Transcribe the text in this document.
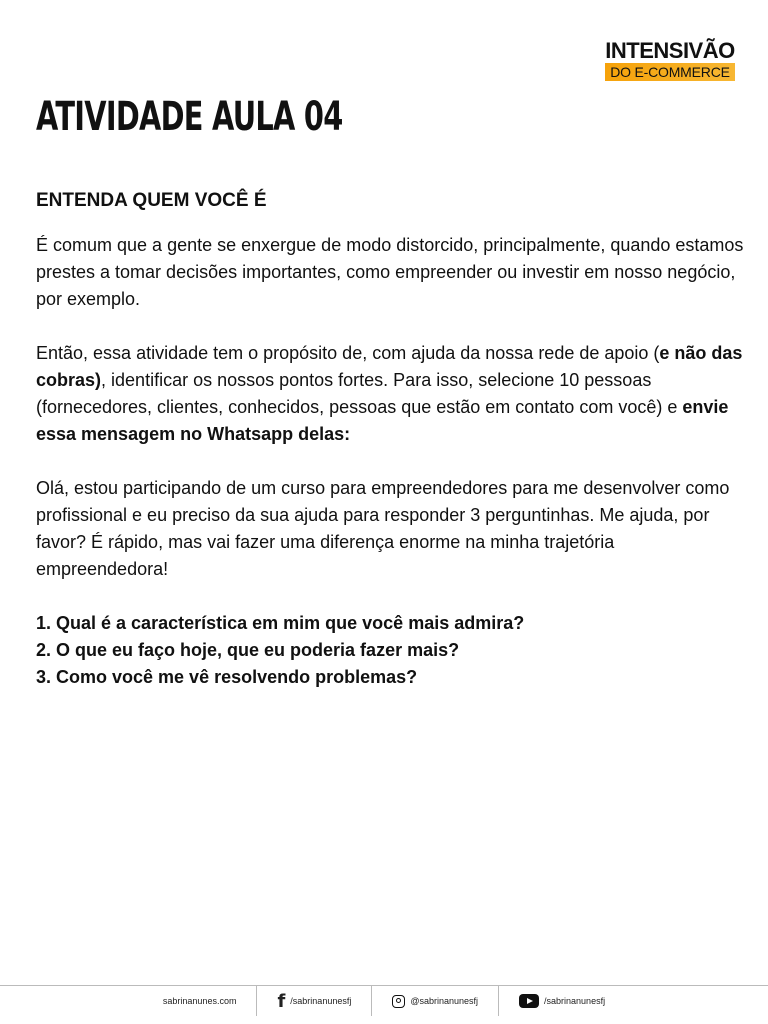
INTENSIVÃO
DO E-COMMERCE
ATIVIDADE AULA 04
ENTENDA QUEM VOCÊ É

É comum que a gente se enxergue de modo distorcido, principalmente, quando estamos prestes a tomar decisões importantes, como empreender ou investir em nosso negócio, por exemplo.

Então, essa atividade tem o propósito de, com ajuda da nossa rede de apoio (e não das cobras), identificar os nossos pontos fortes. Para isso, selecione 10 pessoas (fornecedores, clientes, conhecidos, pessoas que estão em contato com você) e envie essa mensagem no Whatsapp delas:

Olá, estou participando de um curso para empreendedores para me desenvolver como profissional e eu preciso da sua ajuda para responder 3 perguntinhas. Me ajuda, por favor? É rápido, mas vai fazer uma diferença enorme na minha trajetória empreendedora!

1. Qual é a característica em mim que você mais admira?
2. O que eu faço hoje, que eu poderia fazer mais?
3. Como você me vê resolvendo problemas?
sabrinanunes.com f /sabrinanunesfj	@sabrinanunesfj	/sabrinanunesfj
